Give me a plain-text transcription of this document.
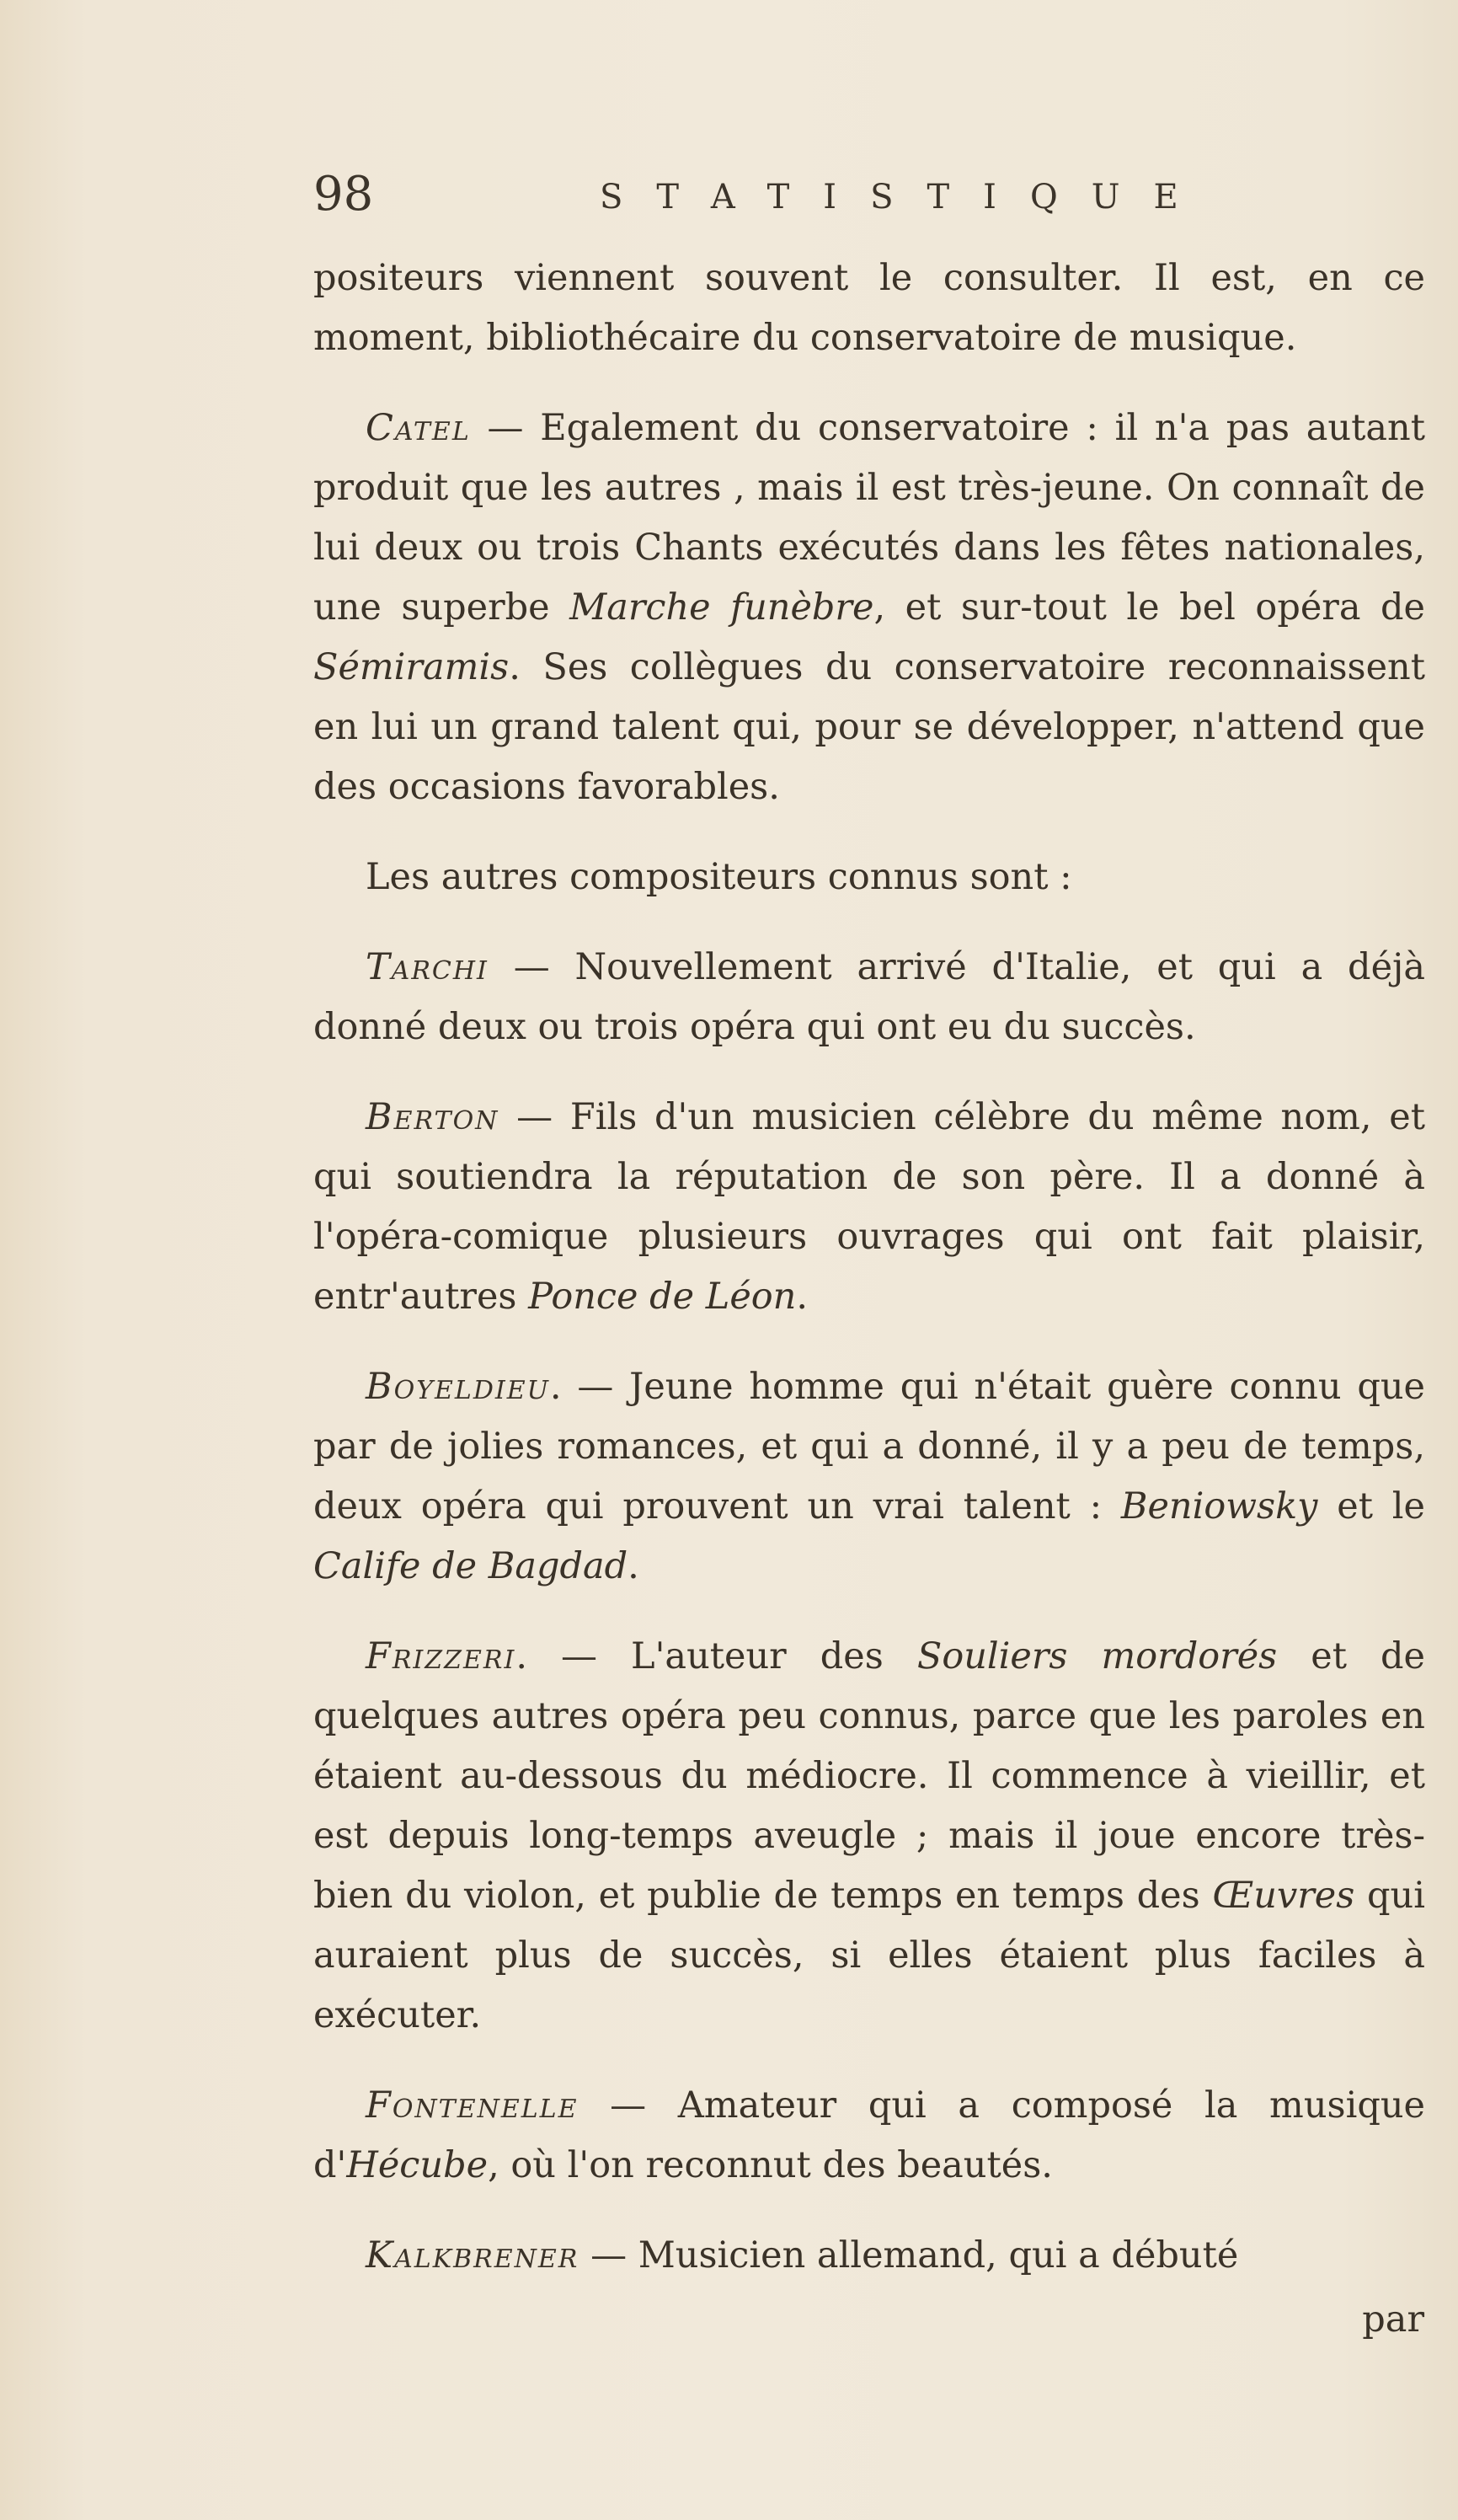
98	STATISTIQUE

positeurs viennent souvent le consulter. Il est, en ce moment, bibliothécaire du conservatoire de musique.

Catel — Egalement du conservatoire : il n'a pas autant produit que les autres , mais il est très-jeune. On connaît de lui deux ou trois Chants exécutés dans les fêtes nationales, une superbe Marche funèbre, et sur-tout le bel opéra de Sémiramis. Ses collègues du conservatoire reconnaissent en lui un grand talent qui, pour se développer, n'attend que des occasions favorables.

Les autres compositeurs connus sont :

Tarchi — Nouvellement arrivé d'Italie, et qui a déjà donné deux ou trois opéra qui ont eu du succès.

Berton — Fils d'un musicien célèbre du même nom, et qui soutiendra la réputation de son père. Il a donné à l'opéra-comique plusieurs ouvrages qui ont fait plaisir, entr'autres Ponce de Léon.

Boyeldieu. — Jeune homme qui n'était guère connu que par de jolies romances, et qui a donné, il y a peu de temps, deux opéra qui prouvent un vrai talent : Beniowsky et le Calife de Bagdad.

Frizzeri. — L'auteur des Souliers mordorés et de quelques autres opéra peu connus, parce que les paroles en étaient au-dessous du médiocre. Il commence à vieillir, et est depuis long-temps aveugle ; mais il joue encore très-bien du violon, et publie de temps en temps des Œuvres qui auraient plus de succès, si elles étaient plus faciles à exécuter.

Fontenelle — Amateur qui a composé la musique d'Hécube, où l'on reconnut des beautés.

Kalkbrener — Musicien allemand, qui a débuté

par
